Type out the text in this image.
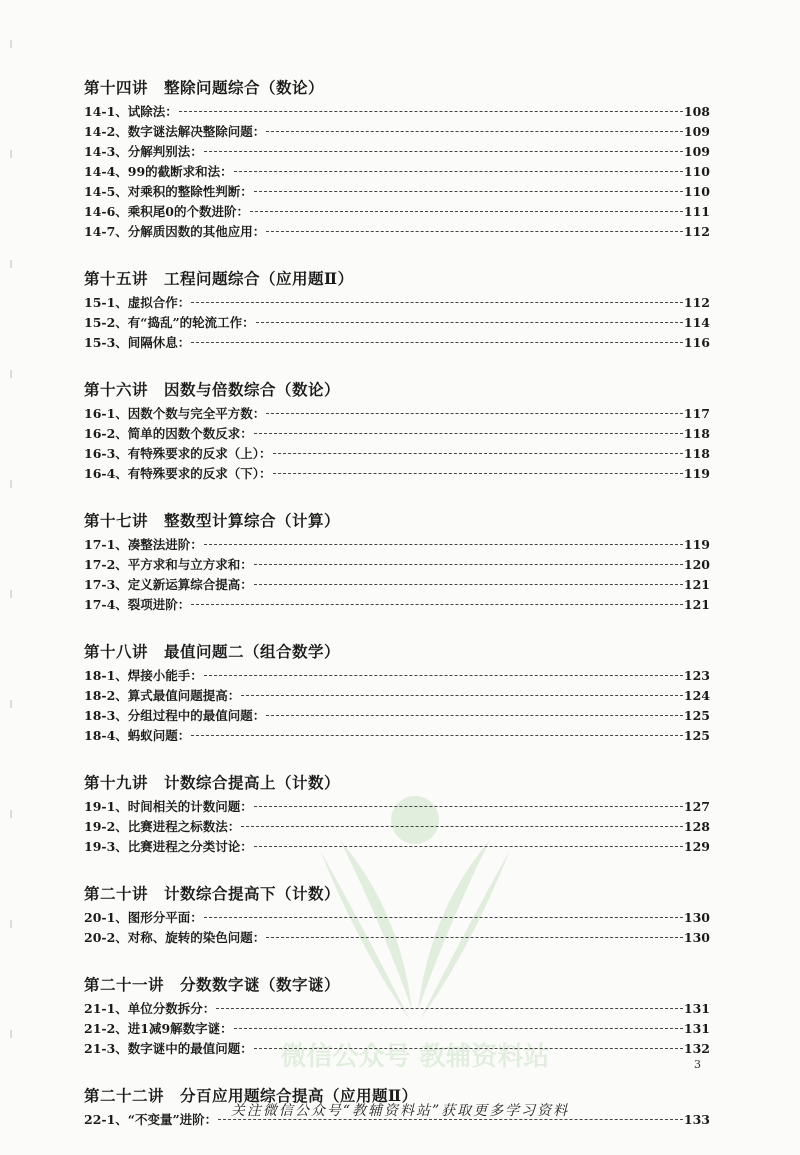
微信公众号 教辅资料站
第十四讲 整除问题综合（数论）
14-1、试除法：	108
14-2、数字谜法解决整除问题：	109
14-3、分解判别法：	109
14-4、99的截断求和法：	110
14-5、对乘积的整除性判断：	110
14-6、乘积尾0的个数进阶：	111
14-7、分解质因数的其他应用：	112
第十五讲 工程问题综合（应用题Ⅱ）
15-1、虚拟合作：	112
15-2、有“捣乱”的轮流工作：	114
15-3、间隔休息：	116
第十六讲 因数与倍数综合（数论）
16-1、因数个数与完全平方数：	117
16-2、简单的因数个数反求：	118
16-3、有特殊要求的反求（上）：	118
16-4、有特殊要求的反求（下）：	119
第十七讲 整数型计算综合（计算）
17-1、凑整法进阶：	119
17-2、平方求和与立方求和：	120
17-3、定义新运算综合提高：	121
17-4、裂项进阶：	121
第十八讲 最值问题二（组合数学）
18-1、焊接小能手：	123
18-2、算式最值问题提高：	124
18-3、分组过程中的最值问题：	125
18-4、蚂蚁问题：	125
第十九讲 计数综合提高上（计数）
19-1、时间相关的计数问题：	127
19-2、比赛进程之标数法：	128
19-3、比赛进程之分类讨论：	129
第二十讲 计数综合提高下（计数）
20-1、图形分平面：	130
20-2、对称、旋转的染色问题：	130
第二十一讲 分数数字谜（数字谜）
21-1、单位分数拆分：	131
21-2、进1减9解数字谜：	131
21-3、数字谜中的最值问题：	132
第二十二讲 分百应用题综合提高（应用题Ⅱ）
22-1、“不变量”进阶：	133
3
关注微信公众号“教辅资料站”获取更多学习资料
